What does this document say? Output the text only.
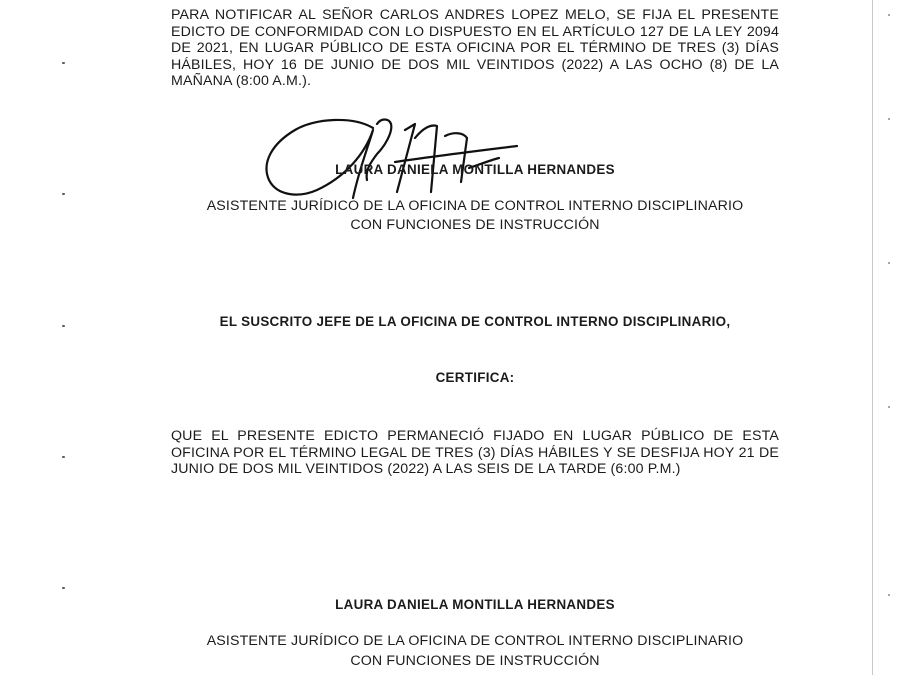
PARA NOTIFICAR AL SEÑOR CARLOS ANDRES LOPEZ MELO, SE FIJA EL PRESENTE EDICTO DE CONFORMIDAD CON LO DISPUESTO EN EL ARTÍCULO 127 DE LA LEY 2094 DE 2021, EN LUGAR PÚBLICO DE ESTA OFICINA POR EL TÉRMINO DE TRES (3) DÍAS HÁBILES, HOY 16 DE JUNIO DE DOS MIL VEINTIDOS (2022) A LAS OCHO (8) DE LA MAÑANA (8:00 A.M.).

LAURA DANIELA MONTILLA HERNANDES

ASISTENTE JURÍDICO DE LA OFICINA DE CONTROL INTERNO DISCIPLINARIO

CON FUNCIONES DE INSTRUCCIÓN

EL SUSCRITO JEFE DE LA OFICINA DE CONTROL INTERNO DISCIPLINARIO,

CERTIFICA:

QUE EL PRESENTE EDICTO PERMANECIÓ FIJADO EN LUGAR PÚBLICO DE ESTA OFICINA POR EL TÉRMINO LEGAL DE TRES (3) DÍAS HÁBILES Y SE DESFIJA HOY 21 DE JUNIO DE DOS MIL VEINTIDOS (2022) A LAS SEIS DE LA TARDE (6:00 P.M.)

LAURA DANIELA MONTILLA HERNANDES

ASISTENTE JURÍDICO DE LA OFICINA DE CONTROL INTERNO DISCIPLINARIO

CON FUNCIONES DE INSTRUCCIÓN
